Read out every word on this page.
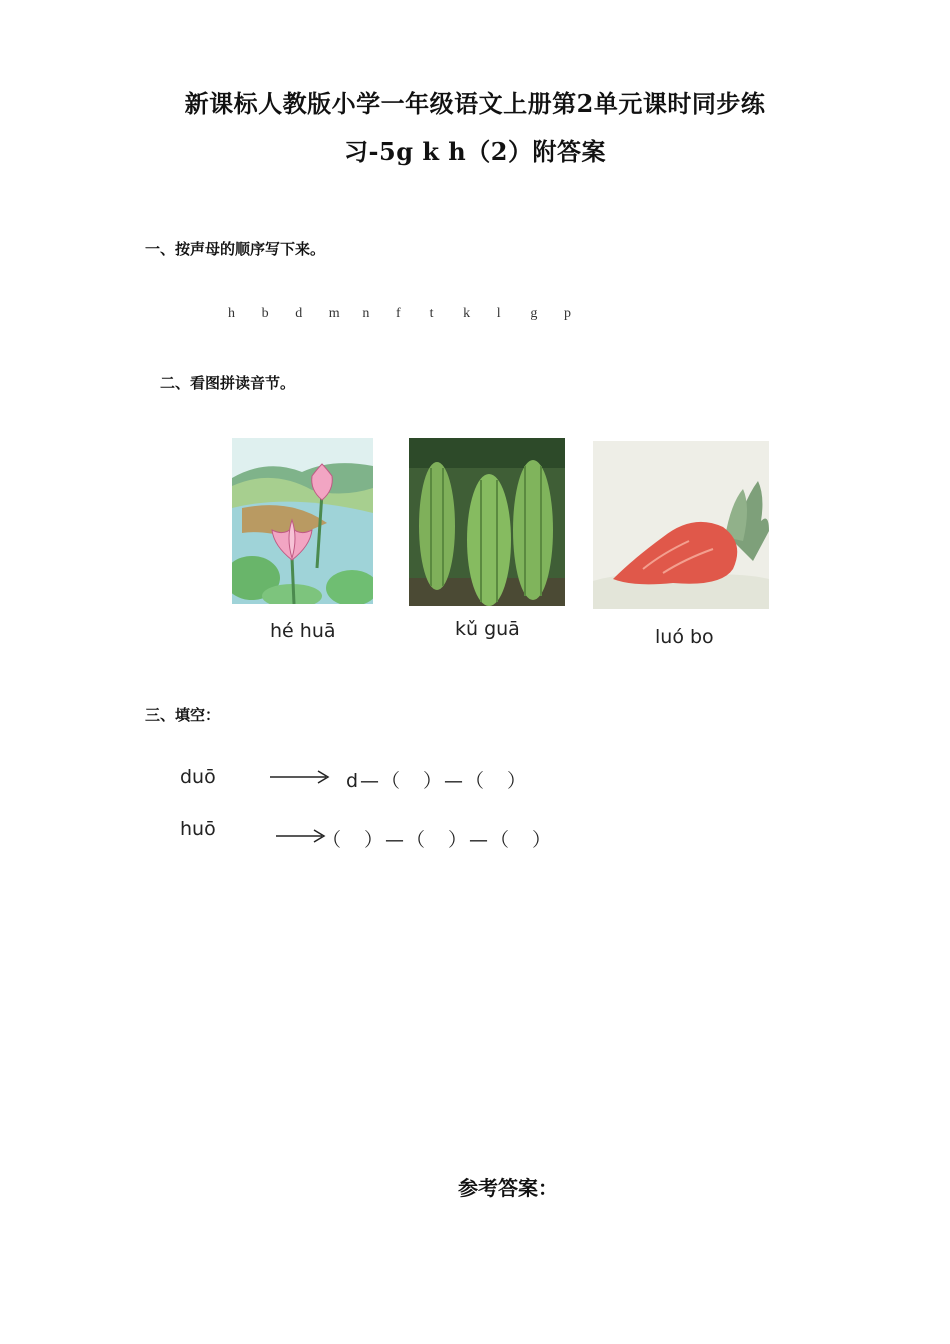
新课标人教版小学一年级语文上册第2单元课时同步练
习-5g k h（2）附答案
一、按声母的顺序写下来。
h b d m n f t k l g p
二、看图拼读音节。
hé huā	kǔ guā	luó bo
三、填空：
duō	d—（　）—（　）
huō	（　）—（　）—（　）
参考答案：
